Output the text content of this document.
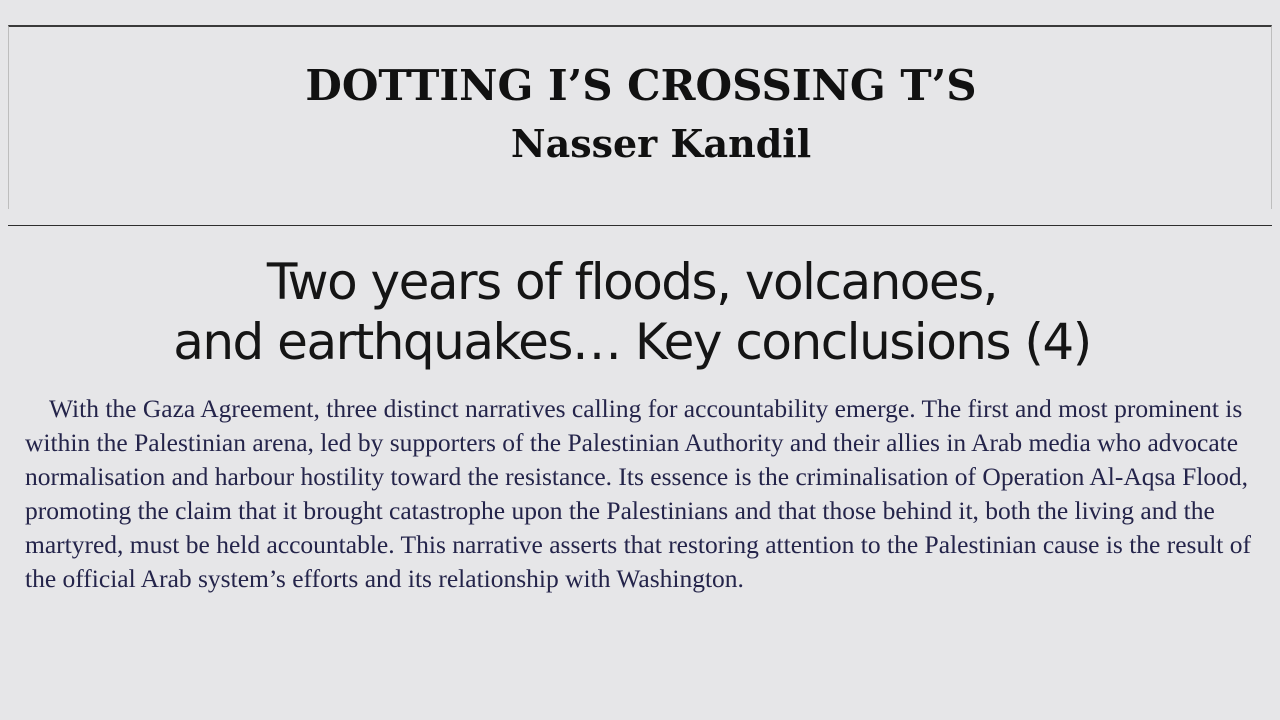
DOTTING I’S CROSSING T’S
Nasser Kandil
Two years of floods, volcanoes,
and earthquakes… Key conclusions (4)

With the Gaza Agreement, three distinct narratives calling for accountability emerge. The first and most prominent is within the Palestinian arena, led by supporters of the Palestinian Authority and their allies in Arab media who advocate normalisation and harbour hostility toward the resistance. Its essence is the criminalisation of Operation Al-Aqsa Flood, promoting the claim that it brought catastrophe upon the Palestinians and that those behind it, both the living and the martyred, must be held accountable. This narrative asserts that restoring attention to the Palestinian cause is the result of the official Arab system’s efforts and its relationship with Washington.
